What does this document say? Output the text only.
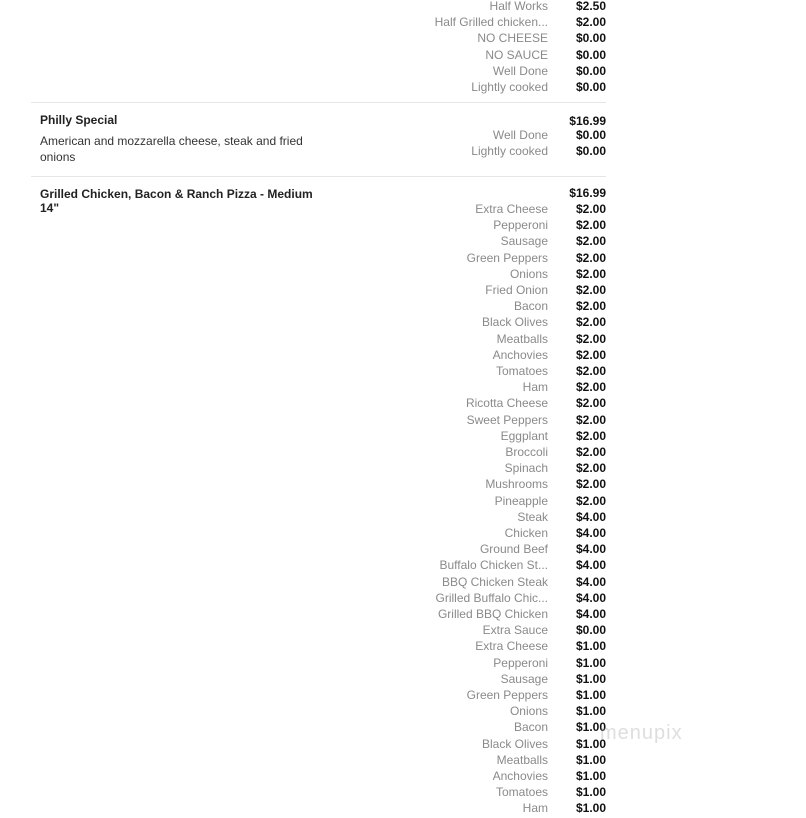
Half Works	$2.50
Half Grilled chicken...	$2.00
NO CHEESE	$0.00
NO SAUCE	$0.00
Well Done	$0.00
Lightly cooked	$0.00
Philly Special
American and mozzarella cheese, steak and fried onions
$16.99
Well Done	$0.00
Lightly cooked	$0.00
Grilled Chicken, Bacon & Ranch Pizza - Medium 14"
$16.99
Extra Cheese	$2.00
Pepperoni	$2.00
Sausage	$2.00
Green Peppers	$2.00
Onions	$2.00
Fried Onion	$2.00
Bacon	$2.00
Black Olives	$2.00
Meatballs	$2.00
Anchovies	$2.00
Tomatoes	$2.00
Ham	$2.00
Ricotta Cheese	$2.00
Sweet Peppers	$2.00
Eggplant	$2.00
Broccoli	$2.00
Spinach	$2.00
Mushrooms	$2.00
Pineapple	$2.00
Steak	$4.00
Chicken	$4.00
Ground Beef	$4.00
Buffalo Chicken St...	$4.00
BBQ Chicken Steak	$4.00
Grilled Buffalo Chic...	$4.00
Grilled BBQ Chicken	$4.00
Extra Sauce	$0.00
Extra Cheese	$1.00
Pepperoni	$1.00
Sausage	$1.00
Green Peppers	$1.00
Onions	$1.00
Bacon	$1.00
Black Olives	$1.00
Meatballs	$1.00
Anchovies	$1.00
Tomatoes	$1.00
Ham	$1.00
menupix
